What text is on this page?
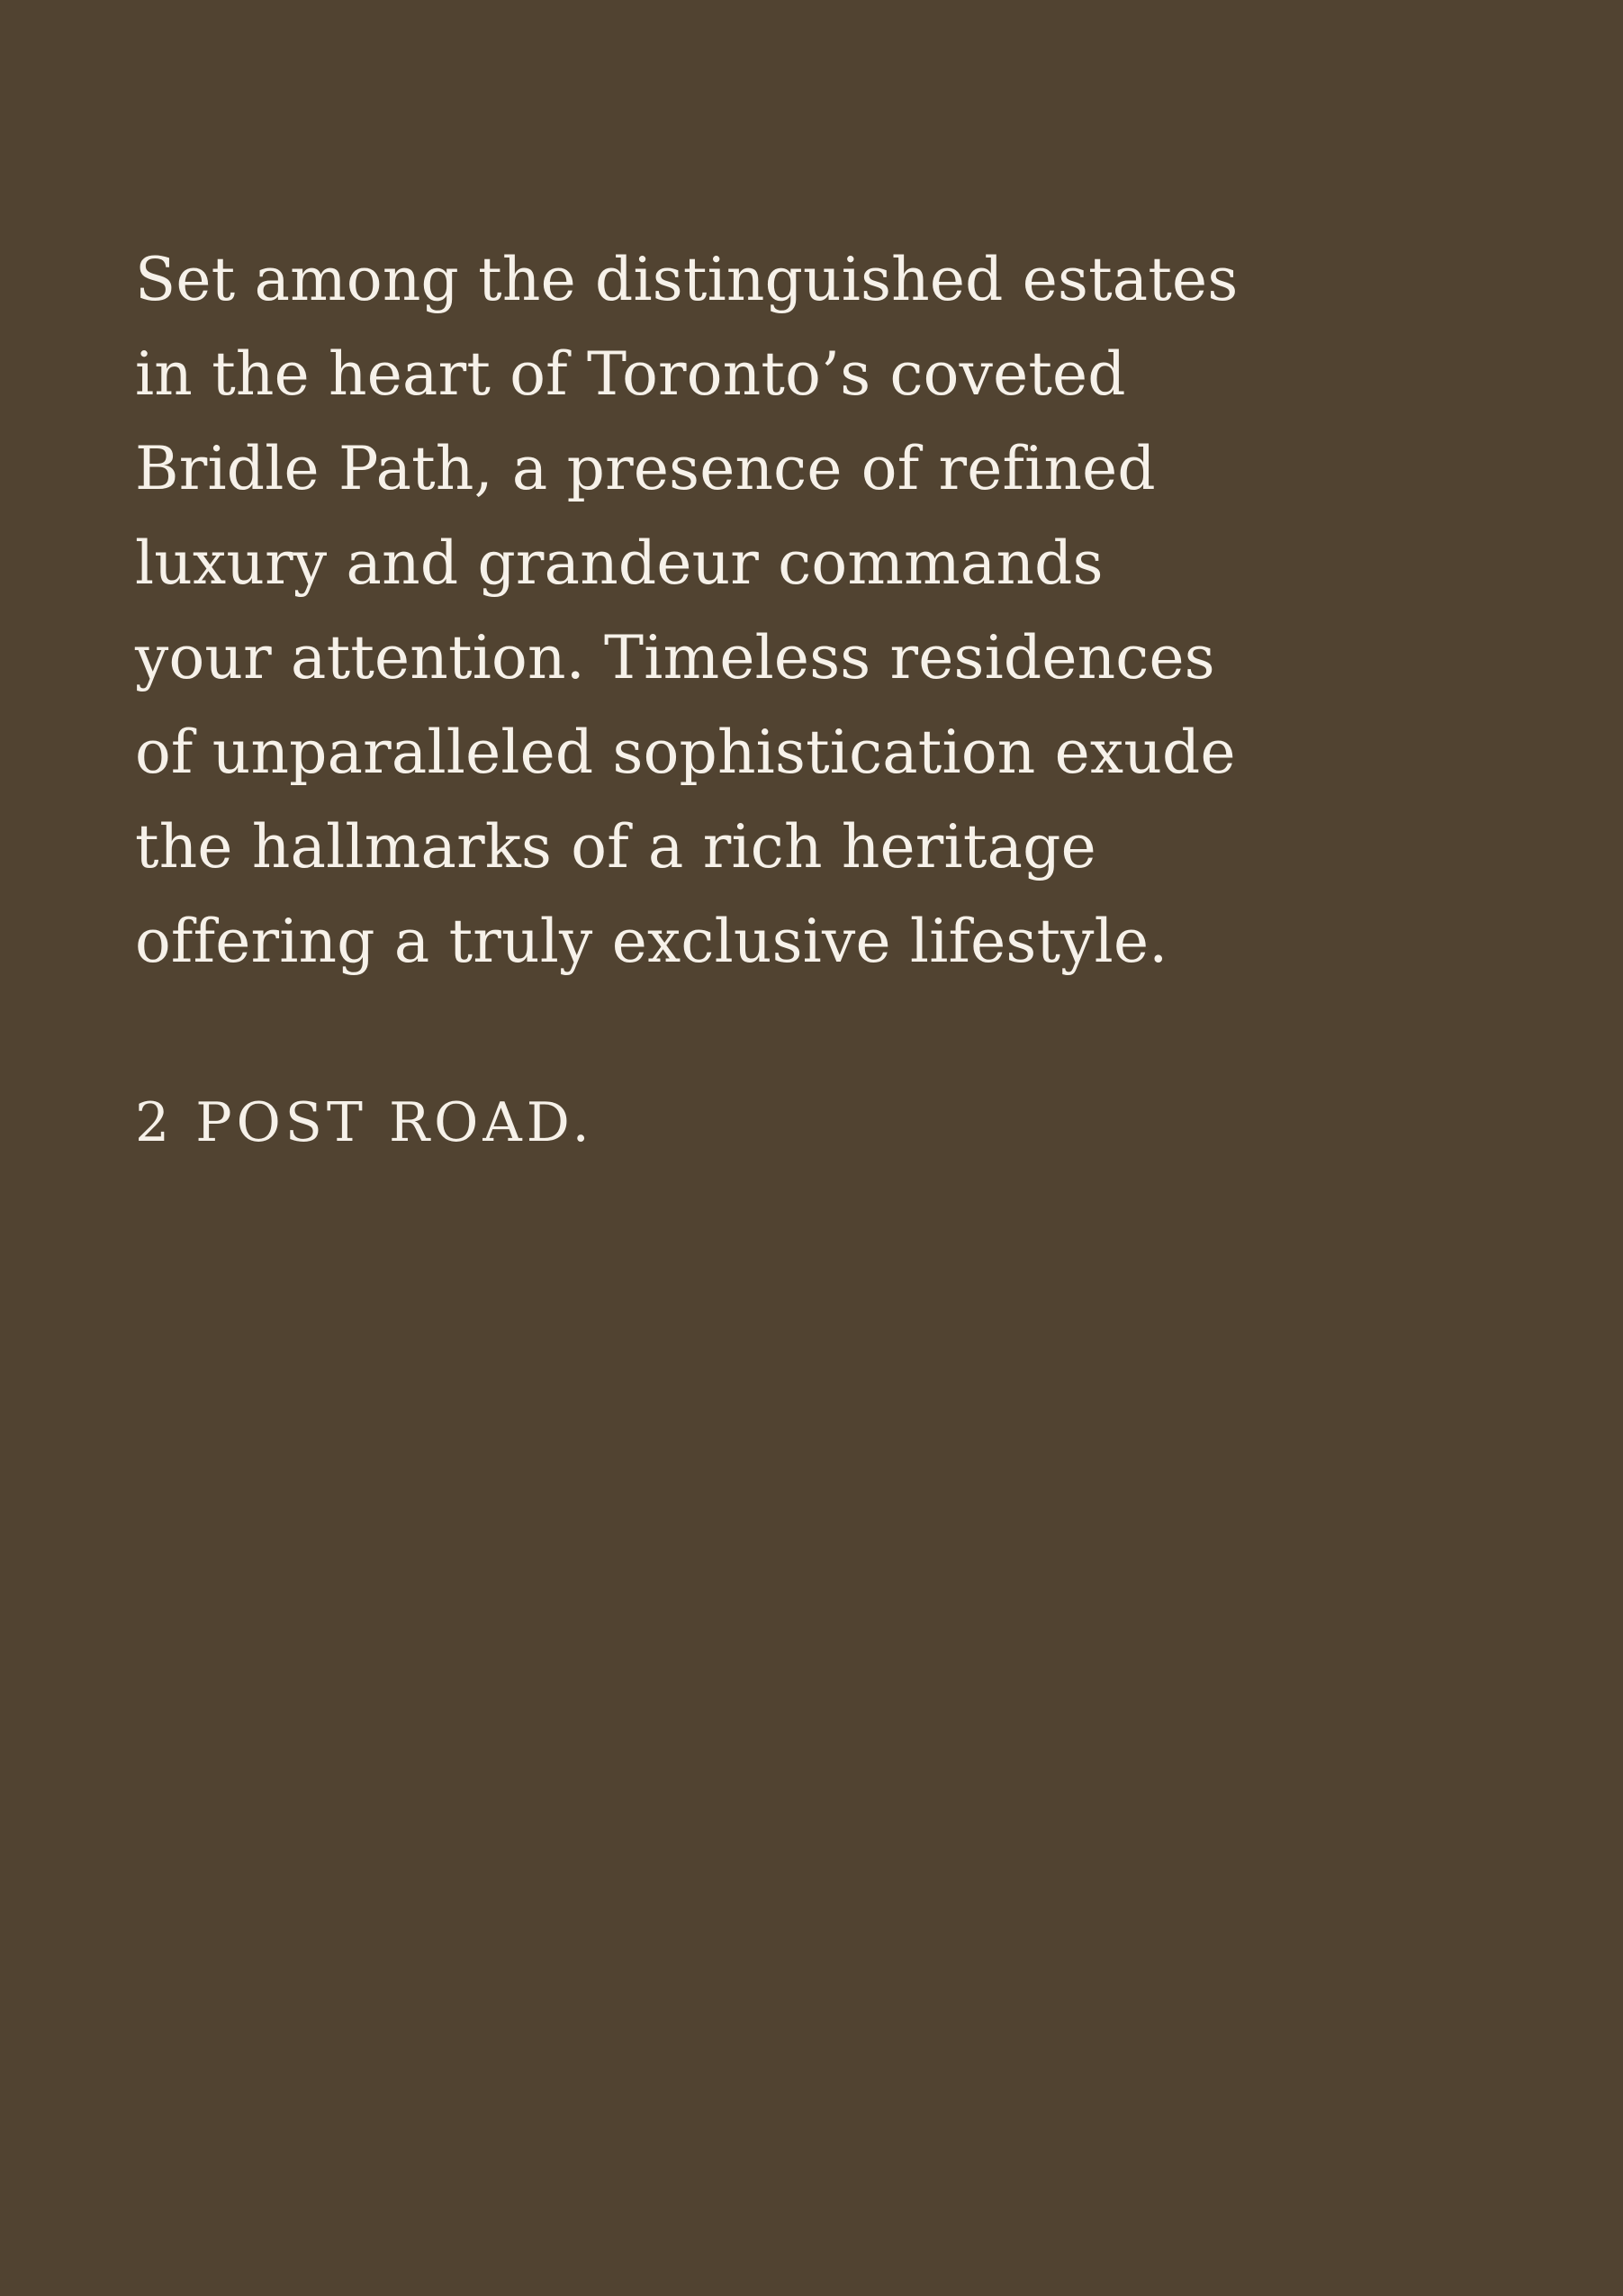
Set among the distinguished estates
in the heart of Toronto’s coveted
Bridle Path, a presence of refined
luxury and grandeur commands
your attention. Timeless residences
of unparalleled sophistication exude
the hallmarks of a rich heritage
offering a truly exclusive lifestyle.

2 POST ROAD.
